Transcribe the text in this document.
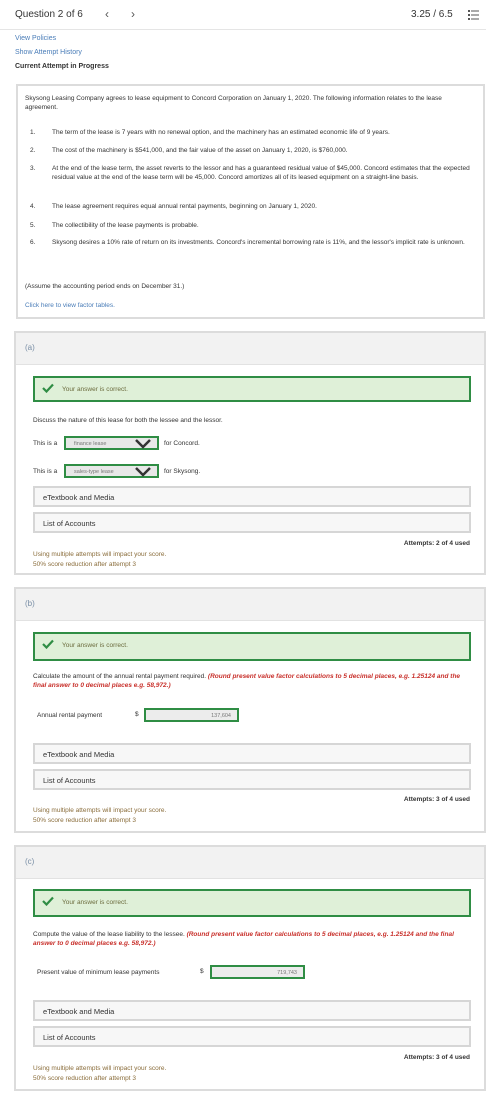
Question 2 of 6 ‹ ›	3.25 / 6.5
View Policies
Show Attempt History
Current Attempt in Progress
Skysong Leasing Company agrees to lease equipment to Concord Corporation on January 1, 2020. The following information relates to the lease agreement.
1.	The term of the lease is 7 years with no renewal option, and the machinery has an estimated economic life of 9 years.
2.	The cost of the machinery is $541,000, and the fair value of the asset on January 1, 2020, is $760,000.
3.	At the end of the lease term, the asset reverts to the lessor and has a guaranteed residual value of $45,000. Concord estimates that the expected residual value at the end of the lease term will be 45,000. Concord amortizes all of its leased equipment on a straight-line basis.
4.	The lease agreement requires equal annual rental payments, beginning on January 1, 2020.
5.	The collectibility of the lease payments is probable.
6.	Skysong desires a 10% rate of return on its investments. Concord's incremental borrowing rate is 11%, and the lessor's implicit rate is unknown.
(Assume the accounting period ends on December 31.)
Click here to view factor tables.
(a)
Your answer is correct.
Discuss the nature of this lease for both the lessee and the lessor.
This is a	finance lease	for Concord.
This is a	sales-type lease	for Skysong.
eTextbook and Media
List of Accounts
Attempts: 2 of 4 used
Using multiple attempts will impact your score.
50% score reduction after attempt 3
(b)
Your answer is correct.
Calculate the amount of the annual rental payment required. (Round present value factor calculations to 5 decimal places, e.g. 1.25124 and the final answer to 0 decimal places e.g. 58,972.)
Annual rental payment	$	137,604
eTextbook and Media
List of Accounts
Attempts: 3 of 4 used
Using multiple attempts will impact your score.
50% score reduction after attempt 3
(c)
Your answer is correct.
Compute the value of the lease liability to the lessee. (Round present value factor calculations to 5 decimal places, e.g. 1.25124 and the final answer to 0 decimal places e.g. 58,972.)
Present value of minimum lease payments	$	719,743
eTextbook and Media
List of Accounts
Attempts: 3 of 4 used
Using multiple attempts will impact your score.
50% score reduction after attempt 3
